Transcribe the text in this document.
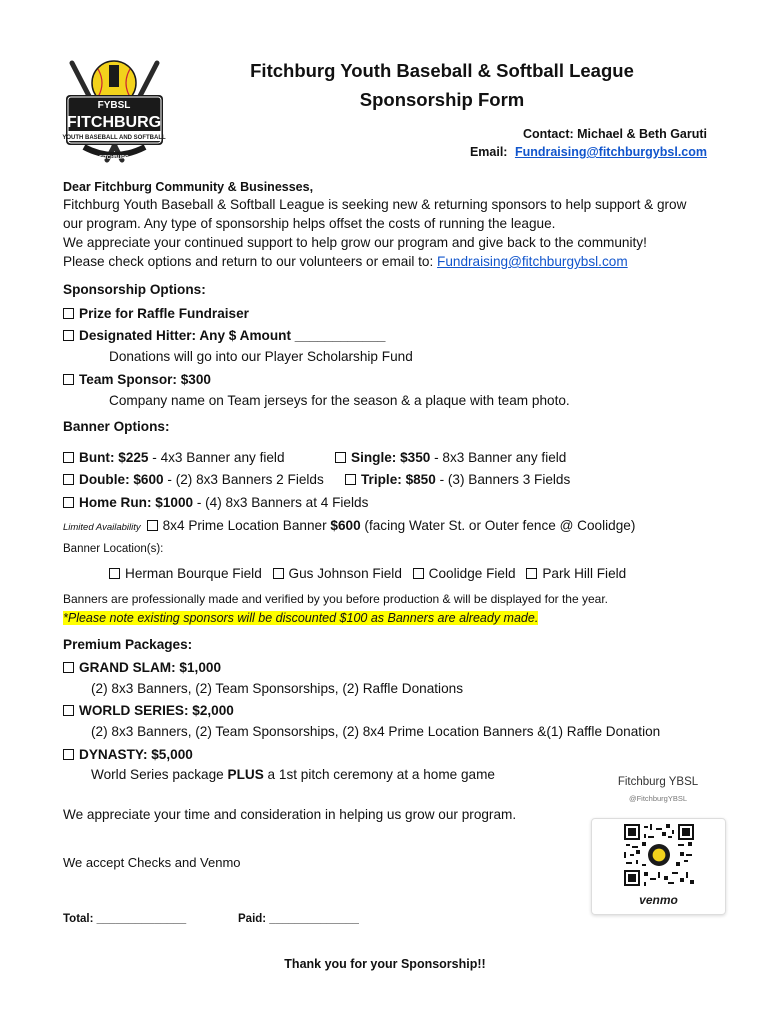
FYBSL
FITCHBURG
YOUTH BASEBALL AND SOFTBALL
FITCHBURG
Fitchburg Youth Baseball & Softball League
Sponsorship Form
Contact: Michael & Beth Garuti
Email: Fundraising@fitchburgybsl.com
Dear Fitchburg Community & Businesses,
Fitchburg Youth Baseball & Softball League is seeking new & returning sponsors to help support & grow
our program. Any type of sponsorship helps offset the costs of running the league.
We appreciate your continued support to help grow our program and give back to the community!
Please check options and return to our volunteers or email to: Fundraising@fitchburgybsl.com
Sponsorship Options:
Prize for Raffle Fundraiser
Designated Hitter: Any $ Amount ____________
Donations will go into our Player Scholarship Fund
Team Sponsor: $300
Company name on Team jerseys for the season & a plaque with team photo.
Banner Options:
Bunt: $225 - 4x3 Banner any field	Single: $350 - 8x3 Banner any field
Double: $600 - (2) 8x3 Banners 2 Fields	Triple: $850 - (3) Banners 3 Fields
Home Run: $1000 - (4) 8x3 Banners at 4 Fields
Limited Availability 8x4 Prime Location Banner $600 (facing Water St. or Outer fence @ Coolidge)
Banner Location(s):
Herman Bourque Field Gus Johnson Field Coolidge Field Park Hill Field
Banners are professionally made and verified by you before production & will be displayed for the year.
*Please note existing sponsors will be discounted $100 as Banners are already made.
Premium Packages:
GRAND SLAM: $1,000
(2) 8x3 Banners, (2) Team Sponsorships, (2) Raffle Donations
WORLD SERIES: $2,000
(2) 8x3 Banners, (2) Team Sponsorships, (2) 8x4 Prime Location Banners &(1) Raffle Donation
DYNASTY: $5,000
World Series package PLUS a 1st pitch ceremony at a home game	Fitchburg YBSL
@FitchburgYBSL
venmo
We appreciate your time and consideration in helping us grow our program.
We accept Checks and Venmo
Total: ______________	Paid: ______________
Thank you for your Sponsorship!!
